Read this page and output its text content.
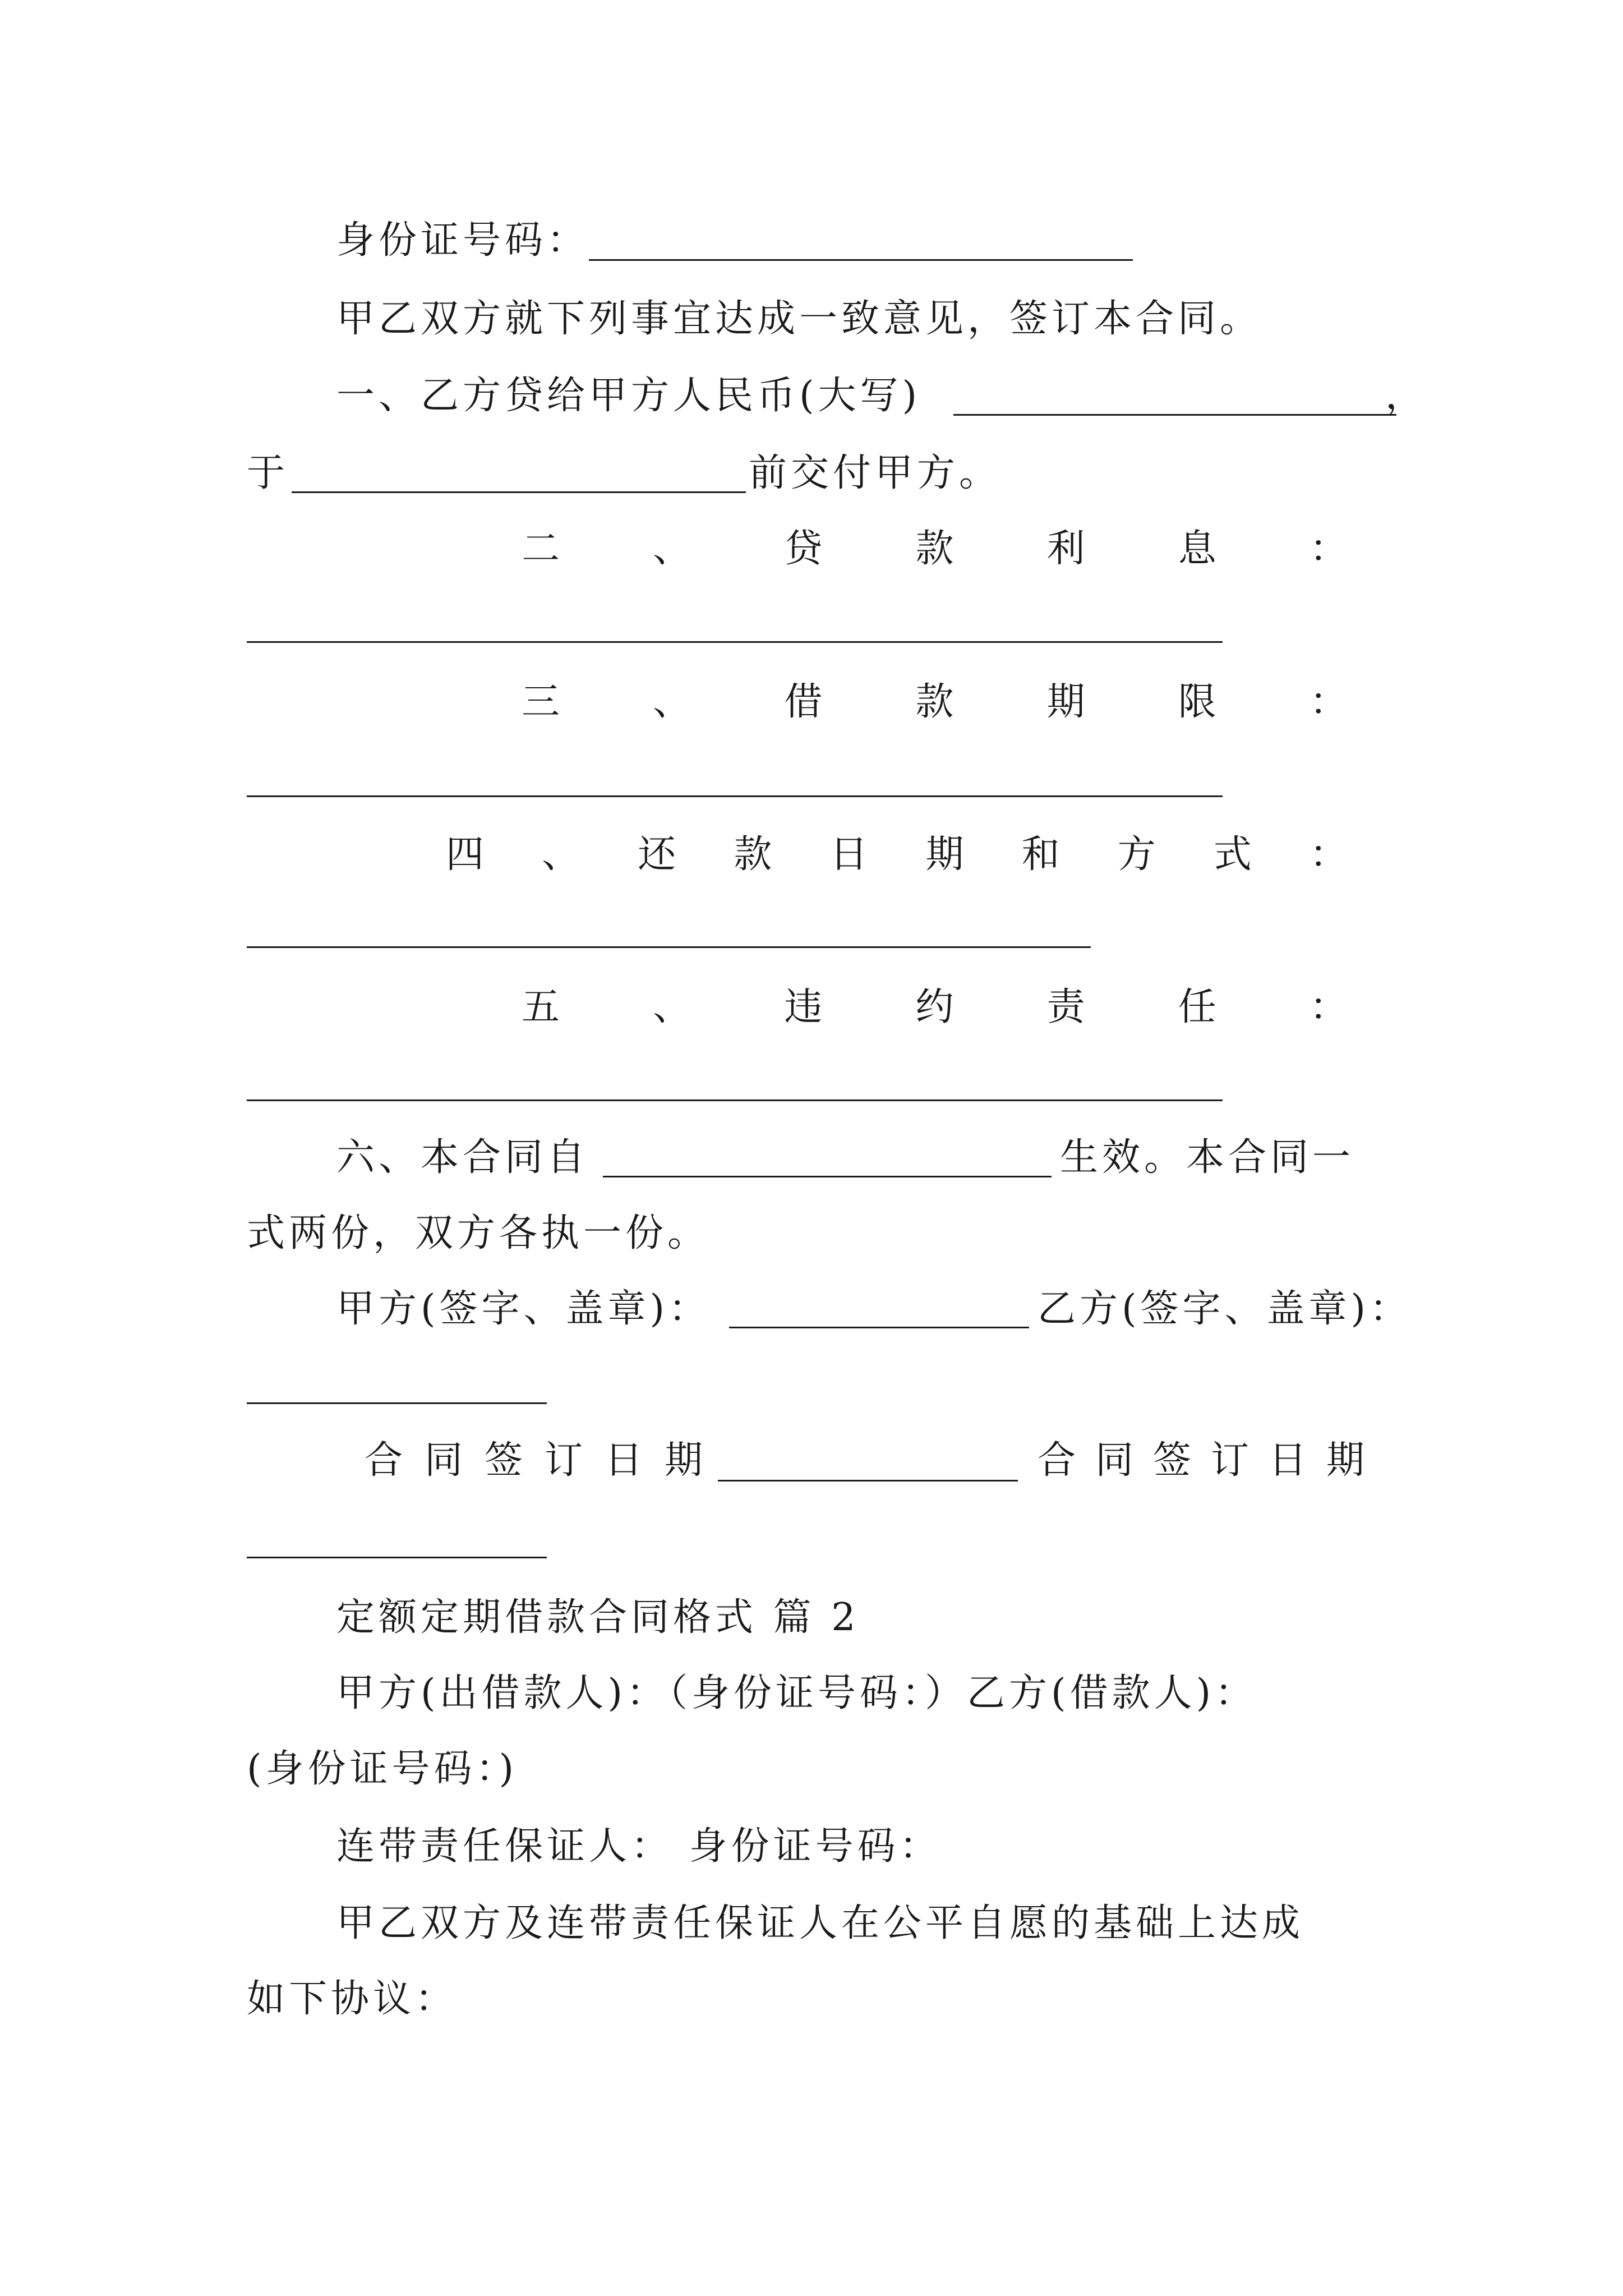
身份证号码：
甲乙双方就下列事宜达成一致意见，签订本合同。
一、乙方贷给甲方人民币(大写)	，
于	前交付甲方。
二 、 贷 款 利 息 ：
三 、 借 款 期 限 ：
四 、 还 款 日 期 和 方 式 ：
五 、 违 约 责 任 ：
六、本合同自	生效。本合同一
式两份，双方各执一份。
甲方(签字、盖章)：	乙方(签字、盖章)：
合 同 签 订 日 期	合 同 签 订 日 期
定额定期借款合同格式 篇 2
甲方(出借款人)：（身份证号码：）乙方(借款人)：
(身份证号码：)
连带责任保证人： 身份证号码：
甲乙双方及连带责任保证人在公平自愿的基础上达成
如下协议：
